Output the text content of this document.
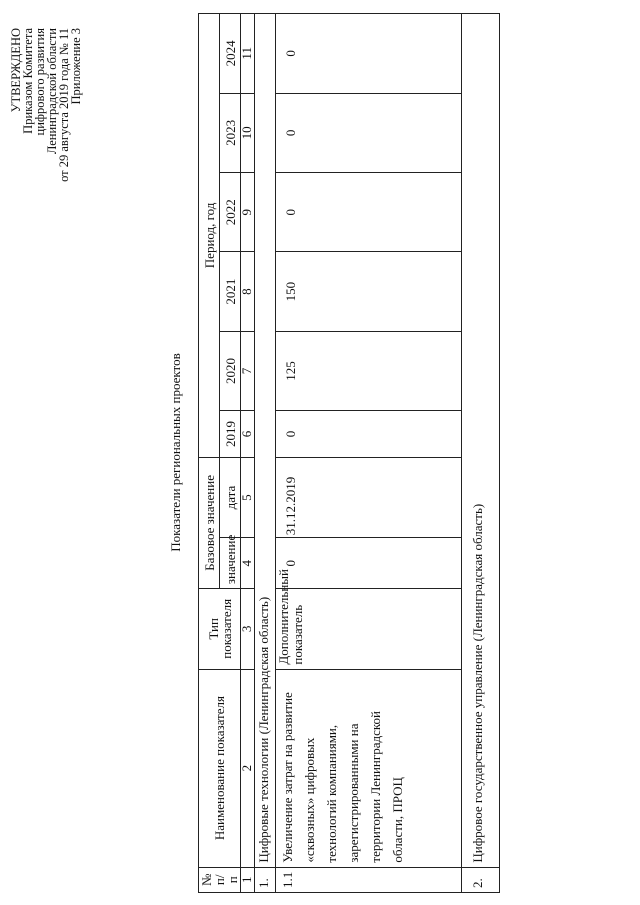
УТВЕРЖДЕНО
Приказом Комитета
цифрового развития
Ленинградской области
от 29 августа 2019 года № 11
Приложение 3
Показатели региональных проектов
№ п/п	Наименование показателя	Тип показателя	Базовое значение		Период, год					
			значение	дата	2019	2020	2021	2022	2023	2024
1	2	3	4	5	6	7	8	9	10	11
1.	Цифровые технологии (Ленинградская область)									
1.1	Увеличение затрат на развитие «сквозных» цифровых технологий компаниями, зарегистрированными на территории Ленинградской области, ПРОЦ	Дополнительный показатель	0	31.12.2019	0	125	150	0	0	0
2.	Цифровое государственное управление (Ленинградская область)									
